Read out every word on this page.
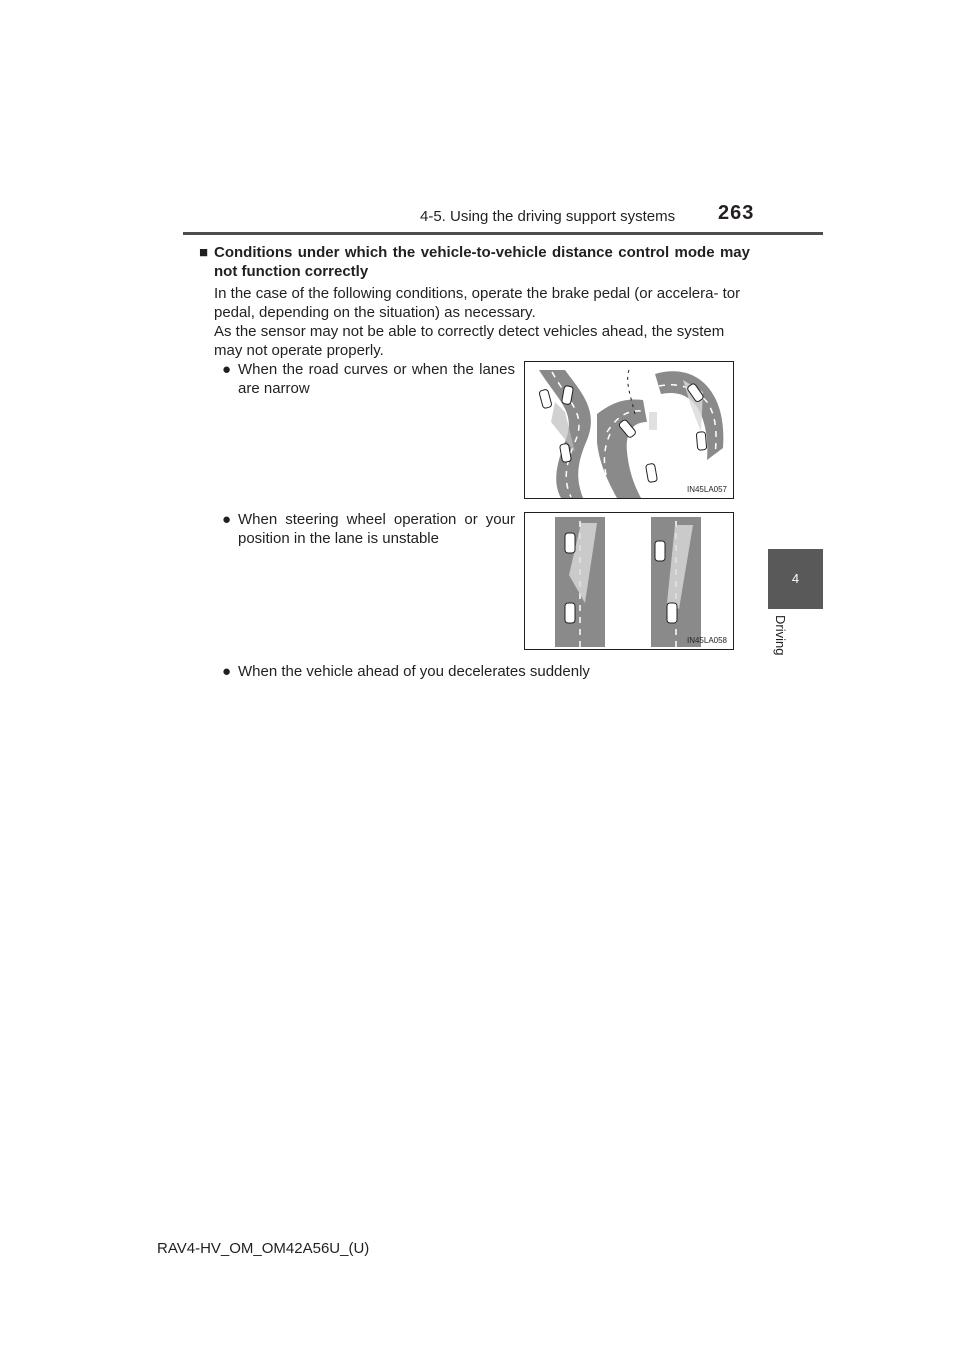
4-5. Using the driving support systems 263
4
Driving
■ Conditions under which the vehicle-to-vehicle distance control mode may not function correctly
In the case of the following conditions, operate the brake pedal (or accelera- tor pedal, depending on the situation) as necessary.
As the sensor may not be able to correctly detect vehicles ahead, the system may not operate properly.
● When the road curves or when the lanes are narrow
IN45LA057
● When steering wheel operation or your position in the lane is unstable
IN45LA058
● When the vehicle ahead of you decelerates suddenly
RAV4-HV_OM_OM42A56U_(U)
